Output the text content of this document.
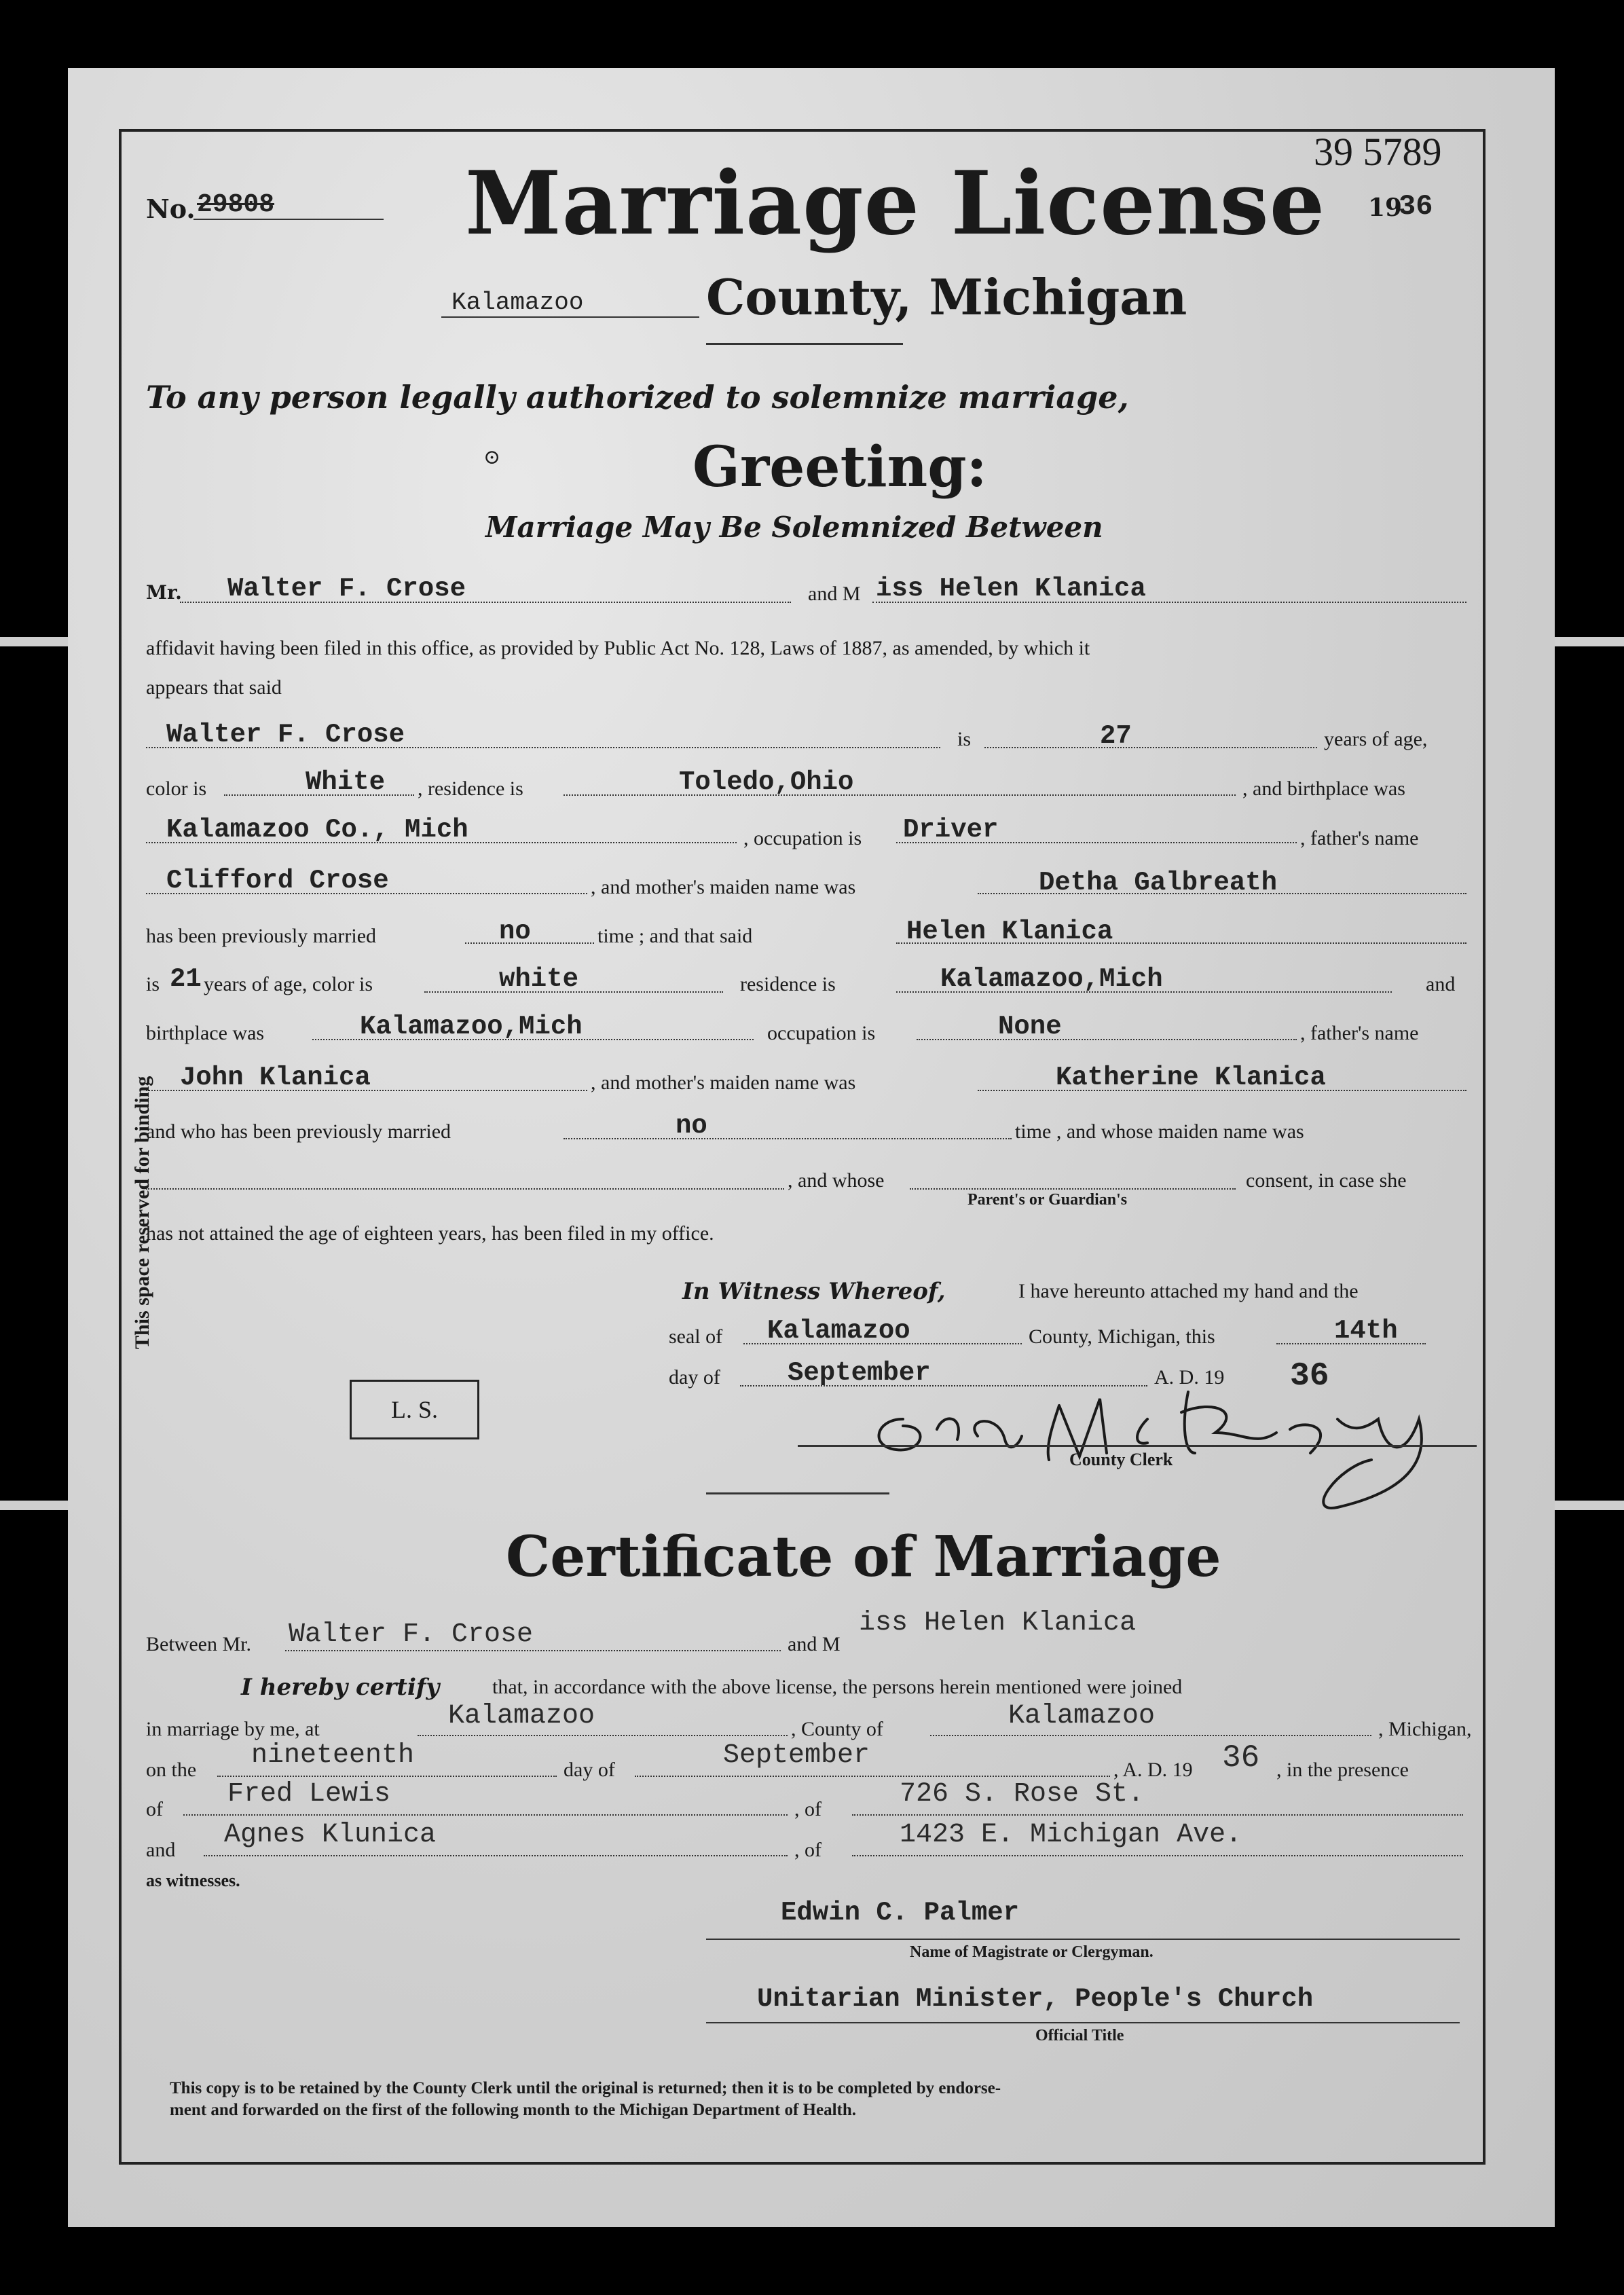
This space reserved for binding
39 5789
No. 29808 Marriage License 19
36
Kalamazoo	County, Michigan
To any person legally authorized to solemnize marriage,
⊙	Greeting:
Marriage May Be Solemnized Between
Mr. Walter F. Crose	and M iss Helen Klanica
affidavit having been filed in this office, as provided by Public Act No. 128, Laws of 1887, as amended, by which it
appears that said
Walter F. Crose	is	27	years of age,
color is	White , residence is	Toledo,Ohio	, and birthplace was
Kalamazoo Co., Mich	, occupation is Driver	, father's name
Clifford Crose	, and mother's maiden name was	Detha Galbreath
has been previously married	no	time ; and that said	Helen Klanica
is 21 years of age, color is	white	residence is	Kalamazoo,Mich	and
birthplace was	Kalamazoo,Mich	occupation is	None	, father's name
John Klanica	, and mother's maiden name was	Katherine Klanica
and who has been previously married	no	time , and whose maiden name was
, and whose	consent, in case she
Parent's or Guardian's
has not attained the age of eighteen years, has been filed in my office.
In Witness Whereof,	I have hereunto attached my hand and the
seal of Kalamazoo	County, Michigan, this	14th
day of	September	A. D. 19 36
L. S.
County Clerk
Certificate of Marriage
Between Mr. Walter F. Crose	and M
iss Helen Klanica
I hereby certify	that, in accordance with the above license, the persons herein mentioned were joined
in marriage by me, at	Kalamazoo	, County of	Kalamazoo	, Michigan,
on the nineteenth	day of	September	, A. D. 19 36 , in the presence
of Fred Lewis	, of	726 S. Rose St.
and Agnes Klunica	, of	1423 E. Michigan Ave.
as witnesses.
Edwin C. Palmer
Name of Magistrate or Clergyman.
Unitarian Minister, People's Church
Official Title
This copy is to be retained by the County Clerk until the original is returned; then it is to be completed by endorse-
ment and forwarded on the first of the following month to the Michigan Department of Health.
